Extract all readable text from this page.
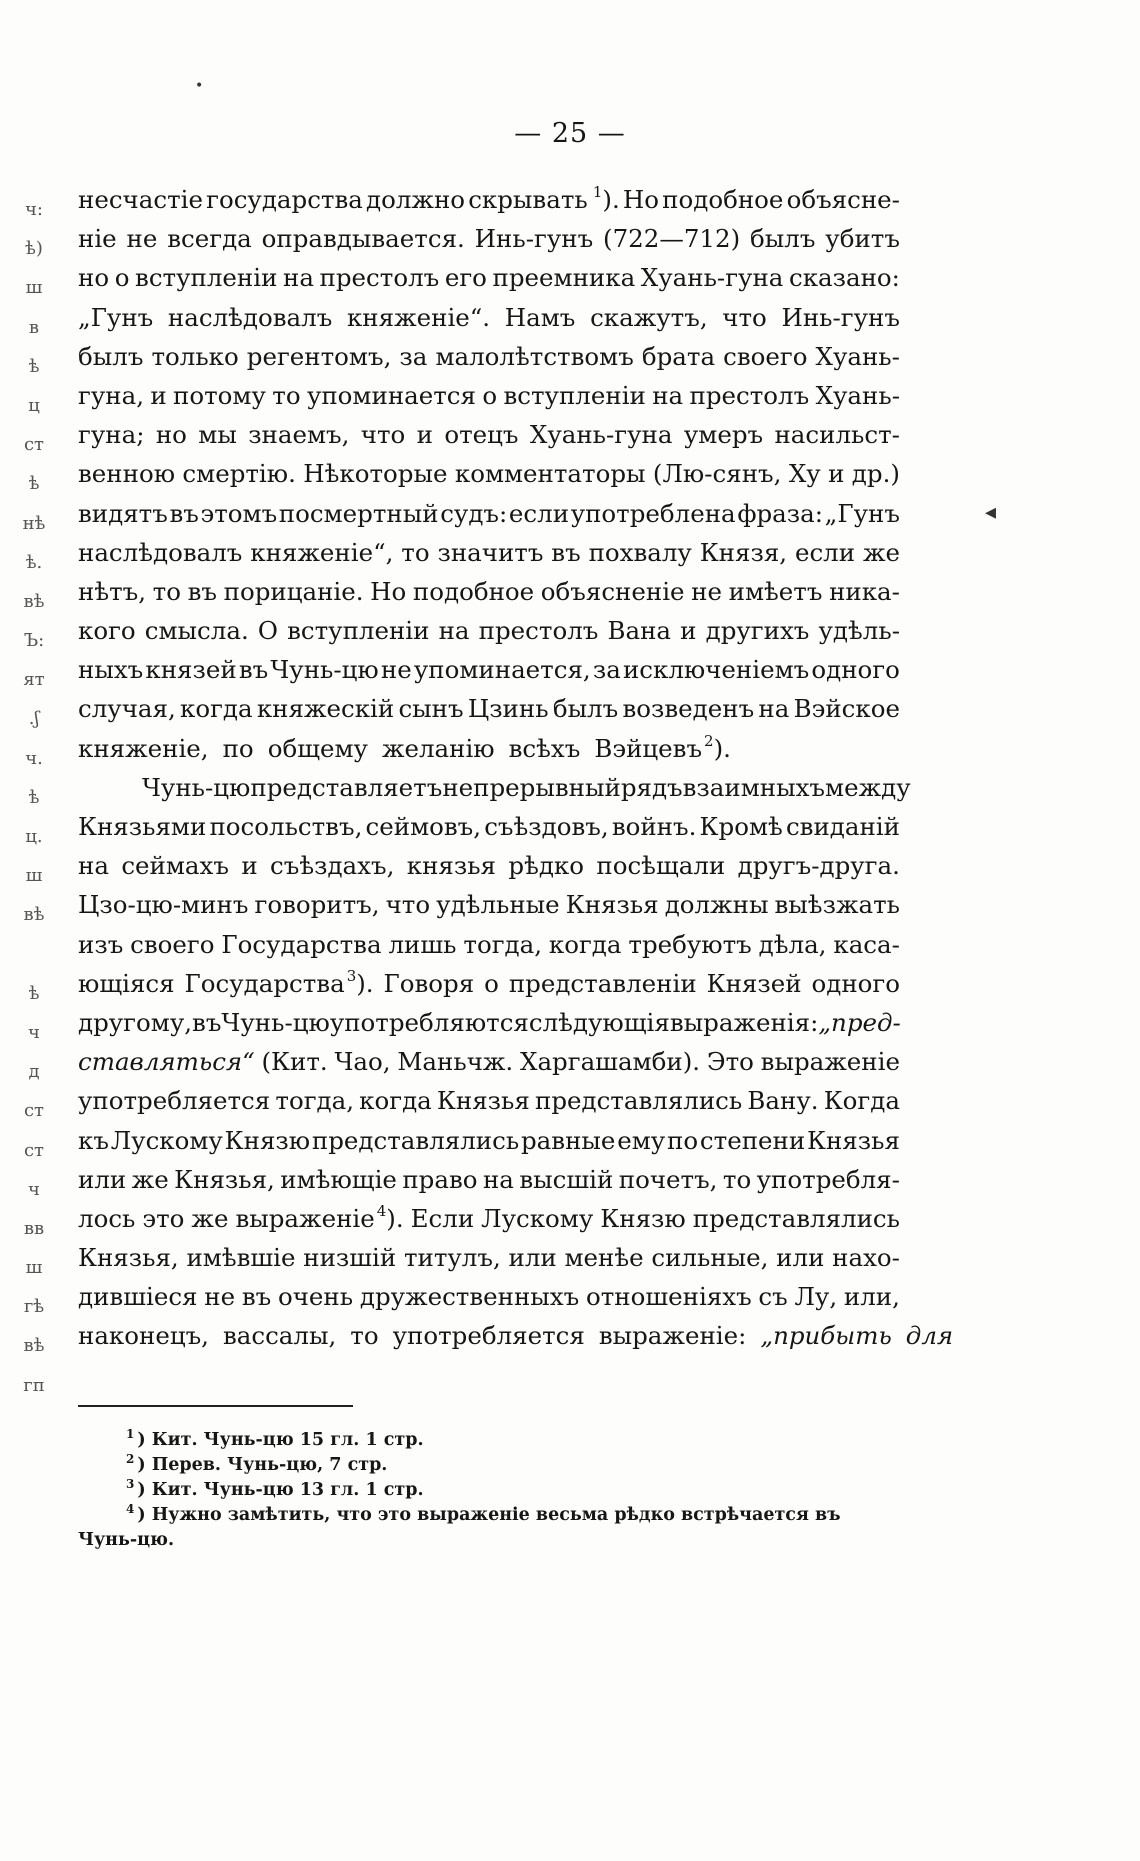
•
— 25 —
ч:
ѣ)
ш
в
ѣ
ц
ст
ѣ
нѣ
ѣ.
вѣ
Ъ:
ят
.ʃ
ч.
ѣ
ц.
ш
вѣ
ѣ
ч
д
ст
ст
ч
вв
ш
гѣ
вѣ
гп
◂
несчастіе государства должно скрывать $^1$). Но подобное объясне-
ніе не всегда оправдывается. Инь-гунъ (722—712) былъ убитъ
но о вступленіи на престолъ его преемника Хуань-гуна сказано:
„Гунъ наслѣдовалъ княженіе“. Намъ скажутъ, что Инь-гунъ
былъ только регентомъ, за малолѣтствомъ брата своего Хуань-
гуна, и потому то упоминается о вступленіи на престолъ Хуань-
гуна; но мы знаемъ, что и отецъ Хуань-гуна умеръ насильст-
венною смертію. Нѣкоторые комментаторы (Лю-сянъ, Ху и др.)
видятъ въ этомъ посмертный судъ: если употреблена фраза: „Гунъ
наслѣдовалъ княженіе“, то значитъ въ похвалу Князя, если же
нѣтъ, то въ порицаніе. Но подобное объясненіе не имѣетъ никa-
кого смысла. О вступленіи на престолъ Вана и другихъ удѣль-
ныхъ князей въ Чунь-цю не упоминается, за исключеніемъ одного
случая, когда княжескій сынъ Цзинь былъ возведенъ на Вэйское
княженіе, по общему желанію всѣхъ Вэйцевъ $^2$).
Чунь-цю представляетъ непрерывный рядъ взаимныхъ между
Князьями посольствъ, сеймовъ, съѣздовъ, войнъ. Кромѣ свиданій
на сеймахъ и съѣздахъ, князья рѣдко посѣщали другъ-друга.
Цзо-цю-минъ говоритъ, что удѣльные Князья должны выѣзжать
изъ своего Государства лишь тогда, когда требуютъ дѣла, каса-
ющіяся Государства $^3$). Говоря о представленіи Князей одного
другому, въ Чунь-цю употребляются слѣдующія выраженія: „пред-
ставляться“ (Кит. Чао, Маньчж. Харгашамби). Это выраженіе
употребляется тогда, когда Князья представлялись Вану. Когда
къ Лускому Князю представлялись равные ему по степени Князья
или же Князья, имѣющіе право на высшій почетъ, то употребля-
лось это же выраженіе $^4$). Если Лускому Князю представлялись
Князья, имѣвшіе низшій титулъ, или менѣе сильные, или нахо-
дившіеся не въ очень дружественныхъ отношеніяхъ съ Лу, или,
наконецъ, вассалы, то употребляется выраженіе: „прибыть для
$^1$ ) Кит. Чунь-цю 15 гл. 1 стр.
$^2$ ) Перев. Чунь-цю, 7 стр.
$^3$ ) Кит. Чунь-цю 13 гл. 1 стр.
$^4$ ) Нужно замѣтить, что это выраженіе весьма рѣдко встрѣчается въ
Чунь-цю.
